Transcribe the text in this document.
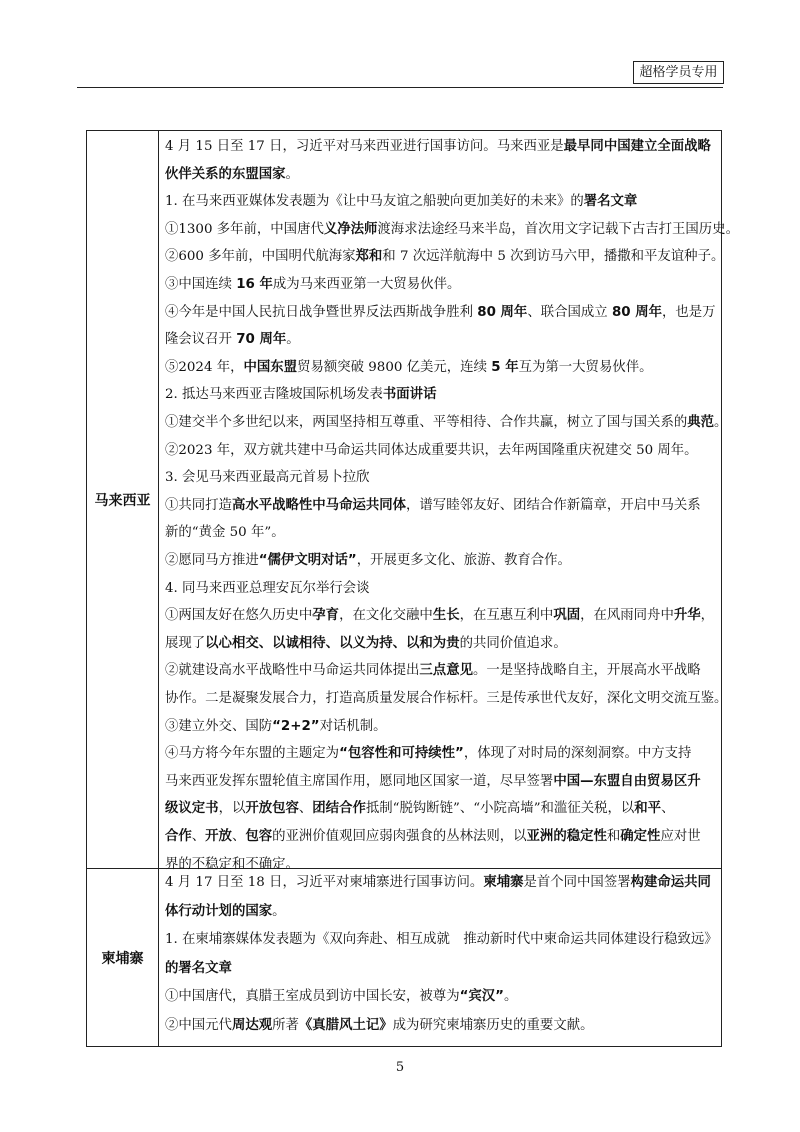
超格学员专用
马来西亚
4 月 15 日至 17 日，习近平对马来西亚进行国事访问。马来西亚是最早同中国建立全面战略
伙伴关系的东盟国家。
1. 在马来西亚媒体发表题为《让中马友谊之船驶向更加美好的未来》的署名文章
①1300 多年前，中国唐代义净法师渡海求法途经马来半岛，首次用文字记载下古吉打王国历史。
②600 多年前，中国明代航海家郑和和 7 次远洋航海中 5 次到访马六甲，播撒和平友谊种子。
③中国连续 16 年成为马来西亚第一大贸易伙伴。
④今年是中国人民抗日战争暨世界反法西斯战争胜利 80 周年、联合国成立 80 周年，也是万
隆会议召开 70 周年。
⑤2024 年，中国东盟贸易额突破 9800 亿美元，连续 5 年互为第一大贸易伙伴。
2. 抵达马来西亚吉隆坡国际机场发表书面讲话
①建交半个多世纪以来，两国坚持相互尊重、平等相待、合作共赢，树立了国与国关系的典范。
②2023 年，双方就共建中马命运共同体达成重要共识，去年两国隆重庆祝建交 50 周年。
3. 会见马来西亚最高元首易卜拉欣
①共同打造高水平战略性中马命运共同体，谱写睦邻友好、团结合作新篇章，开启中马关系
新的“黄金 50 年”。
②愿同马方推进“儒伊文明对话”，开展更多文化、旅游、教育合作。
4. 同马来西亚总理安瓦尔举行会谈
①两国友好在悠久历史中孕育，在文化交融中生长，在互惠互利中巩固，在风雨同舟中升华，
展现了以心相交、以诚相待、以义为持、以和为贵的共同价值追求。
②就建设高水平战略性中马命运共同体提出三点意见。一是坚持战略自主，开展高水平战略
协作。二是凝聚发展合力，打造高质量发展合作标杆。三是传承世代友好，深化文明交流互鉴。
③建立外交、国防“2+2”对话机制。
④马方将今年东盟的主题定为“包容性和可持续性”，体现了对时局的深刻洞察。中方支持
马来西亚发挥东盟轮值主席国作用，愿同地区国家一道，尽早签署中国—东盟自由贸易区升
级议定书，以开放包容、团结合作抵制“脱钩断链”、“小院高墙”和滥征关税，以和平、
合作、开放、包容的亚洲价值观回应弱肉强食的丛林法则，以亚洲的稳定性和确定性应对世
界的不稳定和不确定。
柬埔寨
4 月 17 日至 18 日，习近平对柬埔寨进行国事访问。柬埔寨是首个同中国签署构建命运共同
体行动计划的国家。
1. 在柬埔寨媒体发表题为《双向奔赴、相互成就　推动新时代中柬命运共同体建设行稳致远》
的署名文章
①中国唐代，真腊王室成员到访中国长安，被尊为“宾汉”。
②中国元代周达观所著《真腊风土记》成为研究柬埔寨历史的重要文献。
5
